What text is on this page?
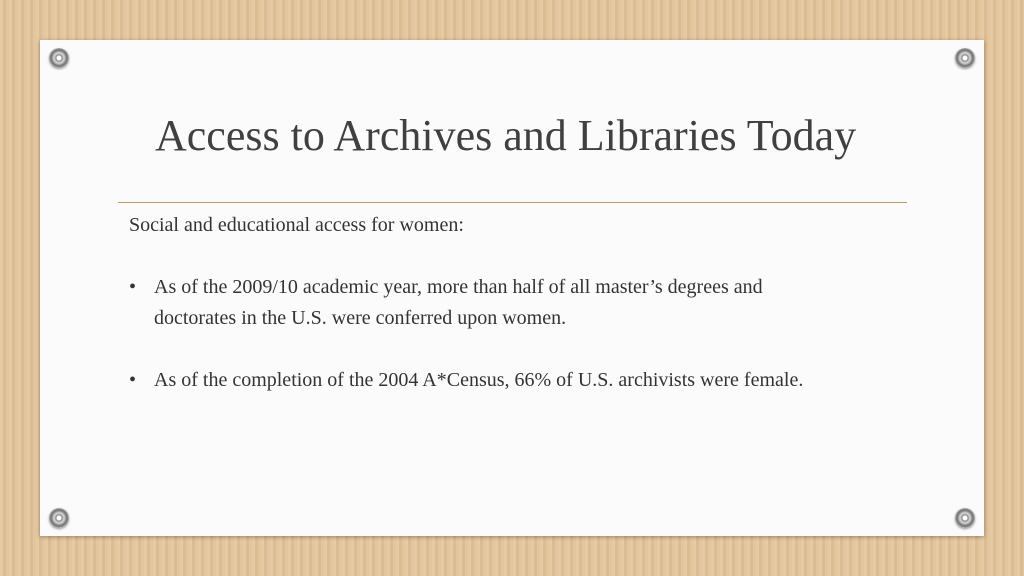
Access to Archives and Libraries Today

Social and educational access for women:

• As of the 2009/10 academic year, more than half of all master’s degrees and doctorates in the U.S. were conferred upon women.
• As of the completion of the 2004 A*Census, 66% of U.S. archivists were female.
